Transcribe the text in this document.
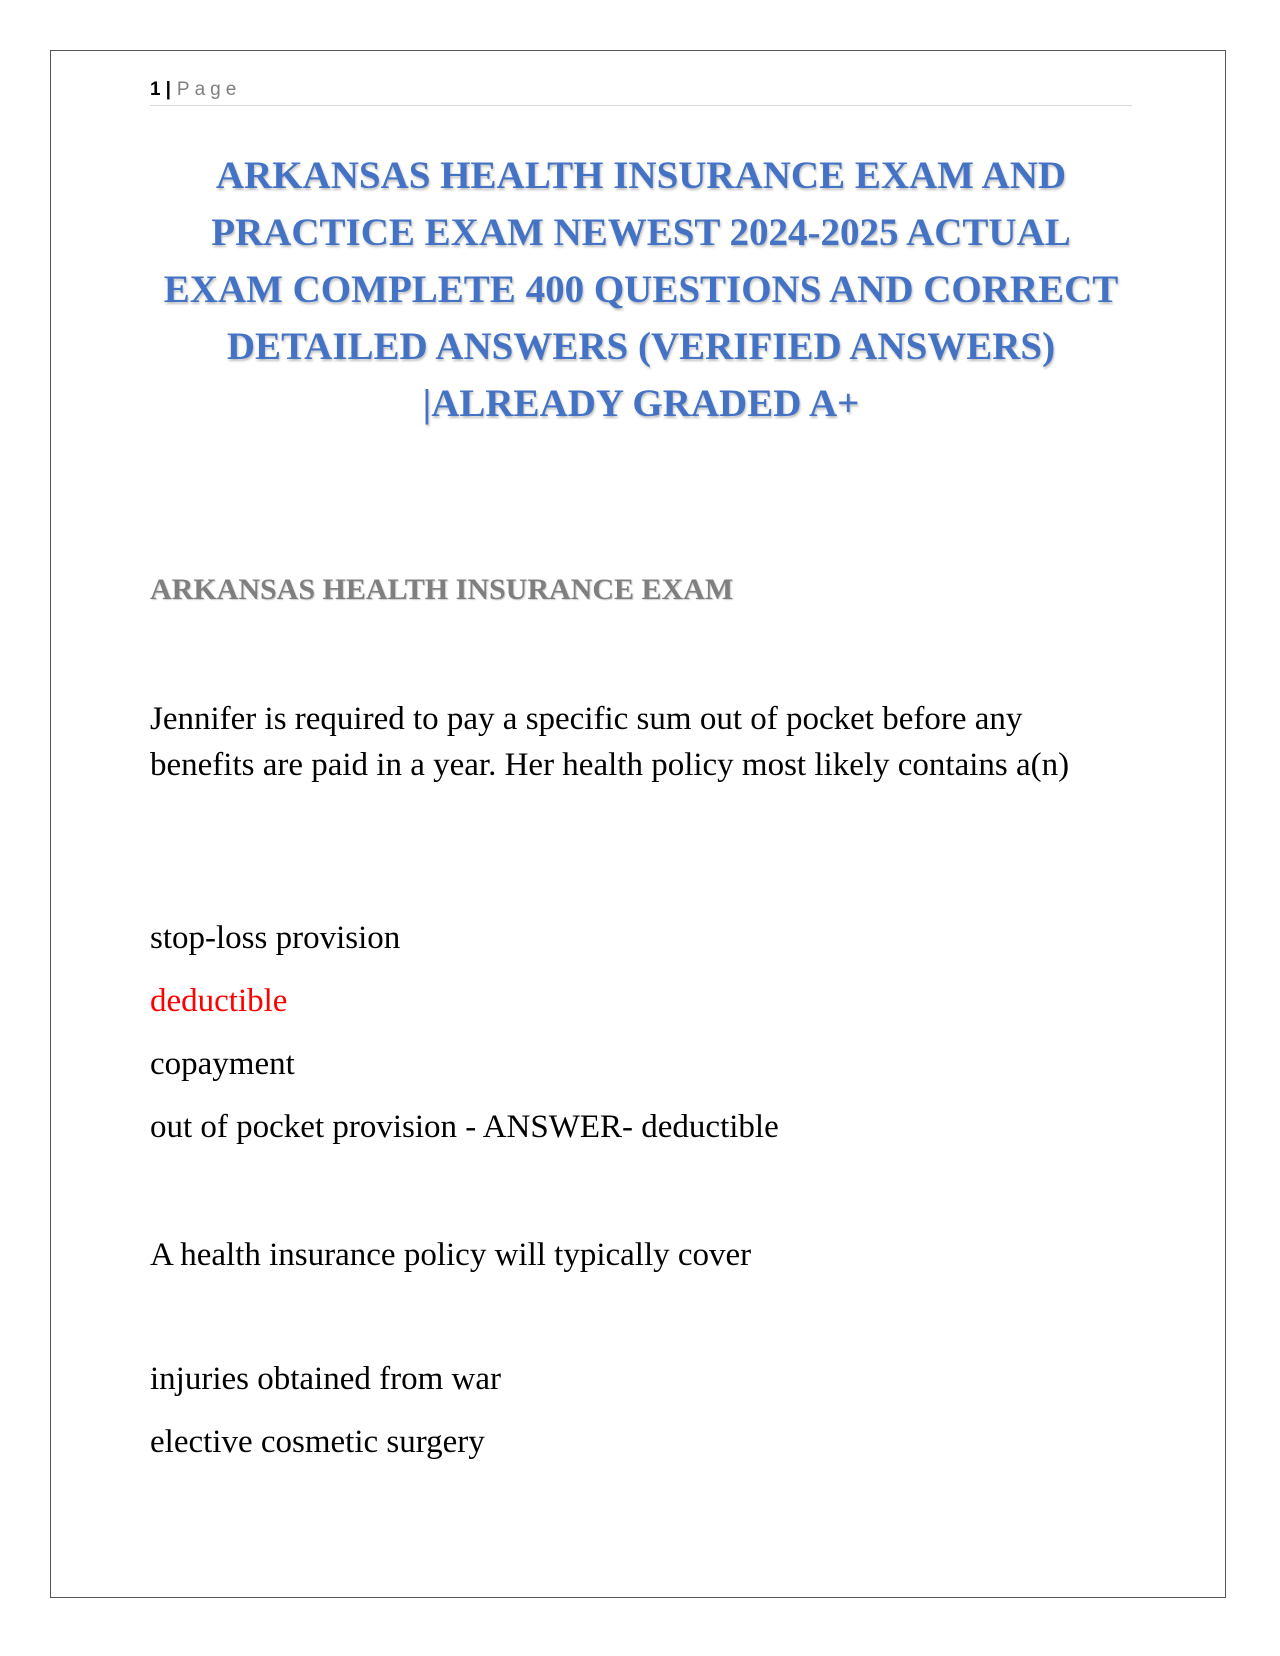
1 | Page
ARKANSAS HEALTH INSURANCE EXAM AND PRACTICE EXAM NEWEST 2024-2025 ACTUAL EXAM COMPLETE 400 QUESTIONS AND CORRECT DETAILED ANSWERS (VERIFIED ANSWERS) |ALREADY GRADED A+
ARKANSAS HEALTH INSURANCE EXAM

Jennifer is required to pay a specific sum out of pocket before any benefits are paid in a year. Her health policy most likely contains a(n)

stop-loss provision

deductible

copayment

out of pocket provision - ANSWER- deductible

A health insurance policy will typically cover

injuries obtained from war

elective cosmetic surgery
